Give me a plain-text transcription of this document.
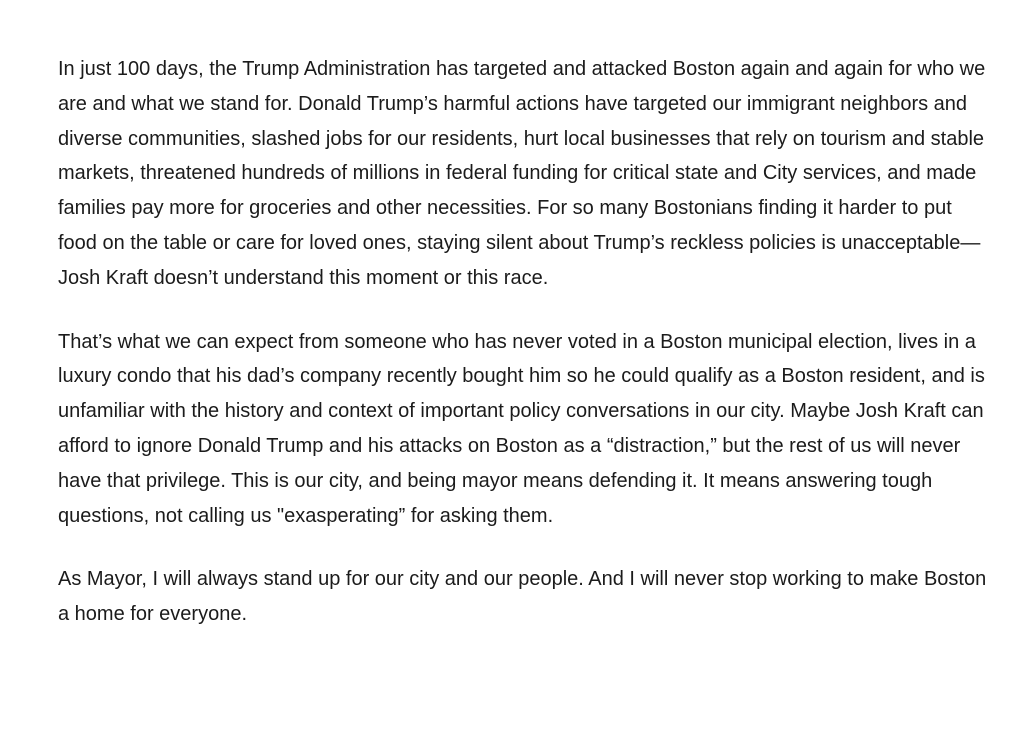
In just 100 days, the Trump Administration has targeted and attacked Boston again and again for who we are and what we stand for. Donald Trump’s harmful actions have targeted our immigrant neighbors and diverse communities, slashed jobs for our residents, hurt local businesses that rely on tourism and stable markets, threatened hundreds of millions in federal funding for critical state and City services, and made families pay more for groceries and other necessities. For so many Bostonians finding it harder to put food on the table or care for loved ones, staying silent about Trump’s reckless policies is unacceptable—Josh Kraft doesn’t understand this moment or this race.

That’s what we can expect from someone who has never voted in a Boston municipal election, lives in a luxury condo that his dad’s company recently bought him so he could qualify as a Boston resident, and is unfamiliar with the history and context of important policy conversations in our city. Maybe Josh Kraft can afford to ignore Donald Trump and his attacks on Boston as a “distraction,” but the rest of us will never have that privilege. This is our city, and being mayor means defending it. It means answering tough questions, not calling us "exasperating” for asking them.

As Mayor, I will always stand up for our city and our people. And I will never stop working to make Boston a home for everyone.
